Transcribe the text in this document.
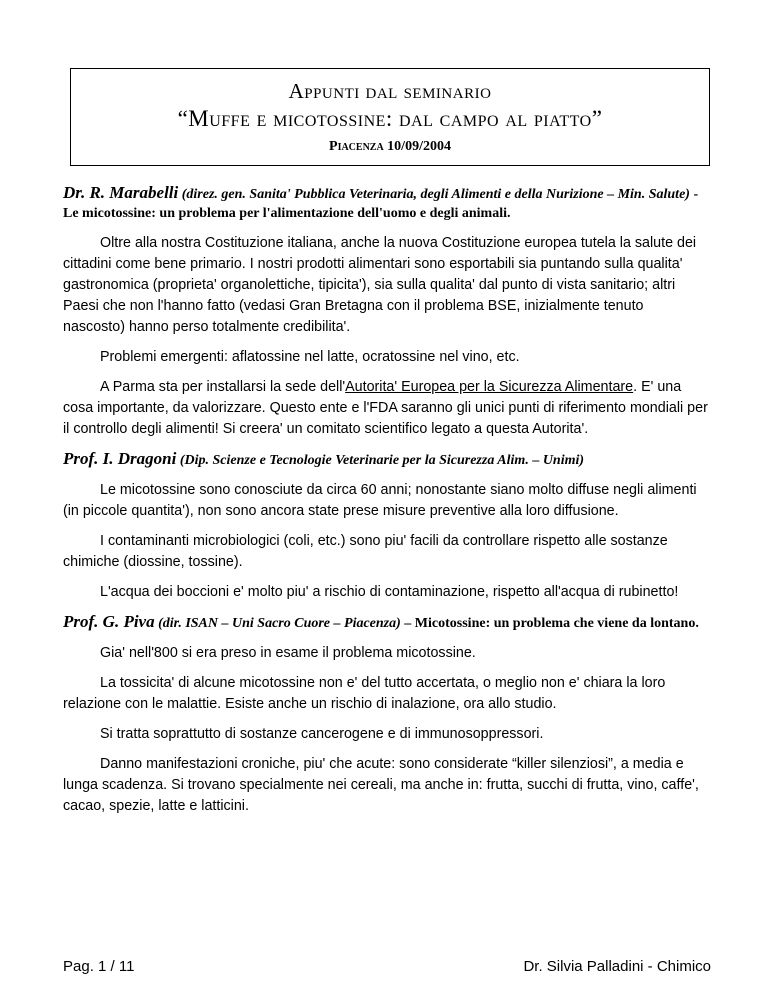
Appunti dal seminario
“Muffe e micotossine: dal campo al piatto”
Piacenza 10/09/2004
Dr. R. Marabelli (direz. gen. Sanita' Pubblica Veterinaria, degli Alimenti e della Nurizione – Min. Salute) - Le micotossine: un problema per l'alimentazione dell'uomo e degli animali.

Oltre alla nostra Costituzione italiana, anche la nuova Costituzione europea tutela la salute dei cittadini come bene primario. I nostri prodotti alimentari sono esportabili sia puntando sulla qualita' gastronomica (proprieta' organolettiche, tipicita'), sia sulla qualita' dal punto di vista sanitario; altri Paesi che non l'hanno fatto (vedasi Gran Bretagna con il problema BSE, inizialmente tenuto nascosto) hanno perso totalmente credibilita'.

Problemi emergenti: aflatossine nel latte, ocratossine nel vino, etc.

A Parma sta per installarsi la sede dell'Autorita' Europea per la Sicurezza Alimentare. E' una cosa importante, da valorizzare. Questo ente e l'FDA saranno gli unici punti di riferimento mondiali per il controllo degli alimenti! Si creera' un comitato scientifico legato a questa Autorita'.

Prof. I. Dragoni (Dip. Scienze e Tecnologie Veterinarie per la Sicurezza Alim. – Unimi)

Le micotossine sono conosciute da circa 60 anni; nonostante siano molto diffuse negli alimenti (in piccole quantita'), non sono ancora state prese misure preventive alla loro diffusione.

I contaminanti microbiologici (coli, etc.) sono piu' facili da controllare rispetto alle sostanze chimiche (diossine, tossine).

L'acqua dei boccioni e' molto piu' a rischio di contaminazione, rispetto all'acqua di rubinetto!

Prof. G. Piva (dir. ISAN – Uni Sacro Cuore – Piacenza) – Micotossine: un problema che viene da lontano.

Gia' nell'800 si era preso in esame il problema micotossine.

La tossicita' di alcune micotossine non e' del tutto accertata, o meglio non e' chiara la loro relazione con le malattie. Esiste anche un rischio di inalazione, ora allo studio.

Si tratta soprattutto di sostanze cancerogene e di immunosoppressori.

Danno manifestazioni croniche, piu' che acute: sono considerate “killer silenziosi”, a media e lunga scadenza. Si trovano specialmente nei cereali, ma anche in: frutta, succhi di frutta, vino, caffe', cacao, spezie, latte e latticini.

Pag. 1 / 11	Dr. Silvia Palladini - Chimico
